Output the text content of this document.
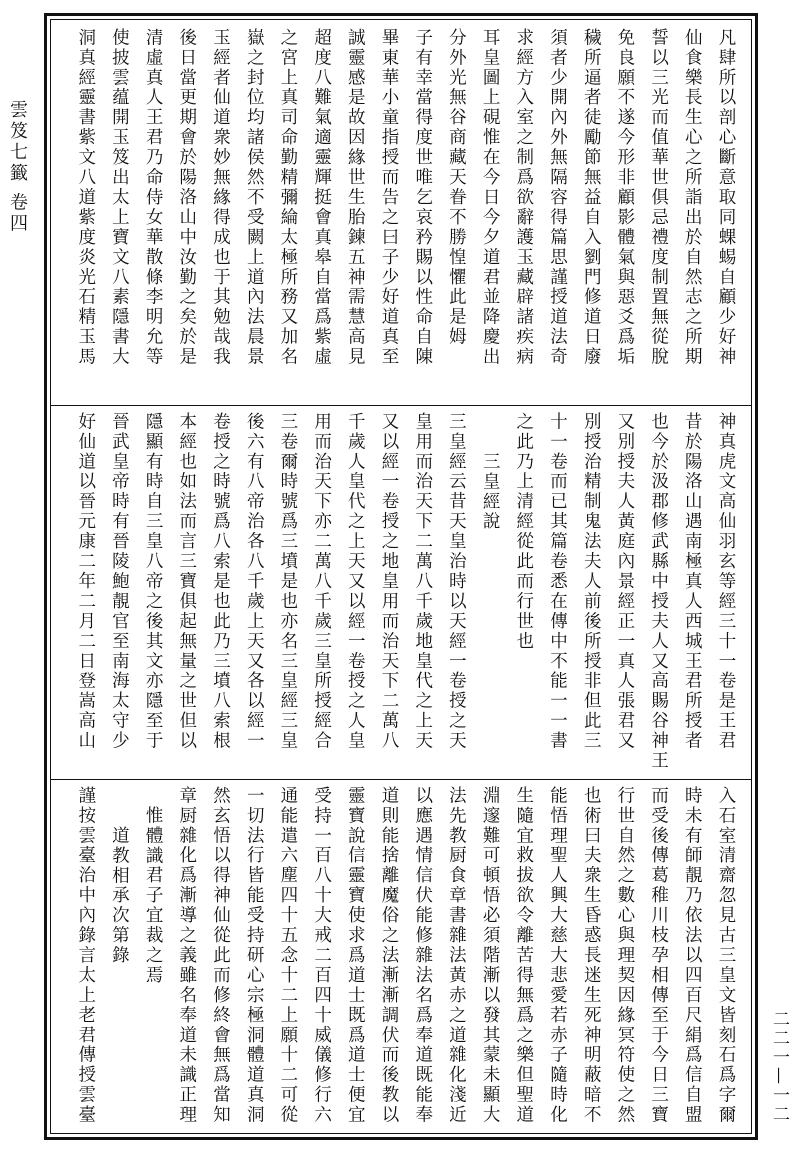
雲笈七籤 卷四
二二一—一二
凡肆所以剖心斷意取同蜾蜴自顧少好神
仙食樂長生心之所詣出於自然志之所期
誓以三光而值華世俱忌禮度制置無從脫
免良願不遂今形非顧影體氣與惡爻爲垢
穢所逼者徒勵節無益自入劉門修道日廢
須者少開內外無隔容得篇思謹授道法奇
求經方入室之制爲欲辭護玉藏辟諸疾病
耳皇圖上硯惟在今日今夕道君並降慶出
分外光無谷商藏天眷不勝惶懼此是姆
子有幸當得度世唯乞哀矜賜以性命自陳
畢東華小童指授而告之曰子少好道真至
誠靈感是故因緣世生胎鍊五神需慧高見
超度八難氣適靈輝挺會真皋自當爲紫虛
之宮上真司命勤精彌綸太極所務又加名
嶽之封位均諸侯然不受闕上道內法晨景
玉經者仙道衆妙無緣得成也于其勉哉我
後日當更期會於陽洛山中汝勤之矣於是
清虛真人王君乃命侍女華散條李明允等
使披雲蕴開玉笈出太上寶文八素隱書大
洞真經靈書紫文八道紫度炎光石精玉馬
神真虎文高仙羽玄等經三十一卷是王君
昔於陽洛山遇南極真人西城王君所授者
也今於汲郡修武縣中授夫人又高賜谷神王
又別授夫人黃庭內景經正一真人張君又
別授治精制鬼法夫人前後所授非但此三
十一卷而已其篇卷悉在傳中不能一一書
之此乃上清經從此而行世也
三皇經說
三皇經云昔天皇治時以天經一卷授之天
皇用而治天下二萬八千歲地皇代之上天
又以經一卷授之地皇用而治天下二萬八
千歲人皇代之上天又以經一卷授之人皇
用而治天下亦二萬八千歲三皇所授經合
三卷爾時號爲三墳是也亦名三皇經三皇
後六有八帝治各八千歲上天又各以經一
卷授之時號爲八索是也此乃三墳八索根
本經也如法而言三寶俱起無量之世但以
隱顯有時自三皇八帝之後其文亦隱至于
晉武皇帝時有晉陵鮑靚官至南海太守少
好仙道以晉元康二年二月二日登嵩高山
入石室清齋忽見古三皇文皆刻石爲字爾
時未有師靚乃依法以四百尺絹爲信自盟
而受後傳葛稚川枝孕相傳至于今日三寶
行世自然之數心與理契因緣冥符使之然
也術曰夫衆生昏惑長迷生死神明蔽暗不
能悟理聖人興大慈大悲愛若赤子隨時化
生隨宜救拔欲令離苦得無爲之樂但聖道
淵邃難可頓悟必須階漸以發其蒙未顯大
法先教厨食章書雜法黃赤之道雜化淺近
以應遇情信伏能修雜法名爲奉道既能奉
道則能捨離魔俗之法漸漸調伏而後教以
靈寶說信靈寶使求爲道士既爲道士便宜
受持一百八十大戒二百四十威儀修行六
通能遣六塵四十五念十二上願十二可從
一切法行皆能受持研心宗極洞體道真洞
然玄悟以得神仙從此而修終會無爲當知
章厨雜化爲漸導之義雖名奉道未識正理
惟體識君子宜裁之焉
道教相承次第錄
謹按雲臺治中內錄言太上老君傳授雲臺
